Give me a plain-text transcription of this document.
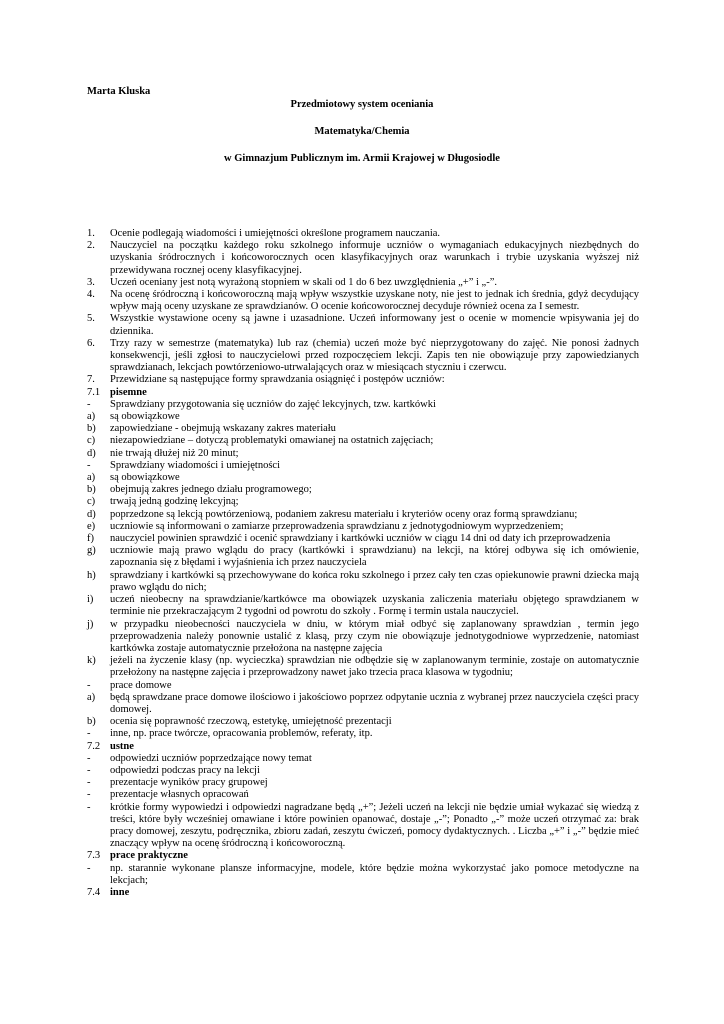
Marta Kluska
Przedmiotowy system oceniania
Matematyka/Chemia
w Gimnazjum Publicznym im. Armii Krajowej w Długosiodle
1.	Ocenie podlegają wiadomości i umiejętności określone programem nauczania.
2.	Nauczyciel na początku każdego roku szkolnego informuje uczniów o wymaganiach edukacyjnych niezbędnych do uzyskania śródrocznych i końcoworocznych ocen klasyfikacyjnych oraz warunkach i trybie uzyskania wyższej niż przewidywana rocznej oceny klasyfikacyjnej.
3.	Uczeń oceniany jest notą wyrażoną stopniem w skali od 1 do 6 bez uwzględnienia „+” i „-”.
4.	Na ocenę śródroczną i końcoworoczną mają wpływ wszystkie uzyskane noty, nie jest to jednak ich średnia, gdyż decydujący wpływ mają oceny uzyskane ze sprawdzianów. O ocenie końcoworocznej decyduje również ocena za I semestr.
5.	Wszystkie wystawione oceny są jawne i uzasadnione. Uczeń informowany jest o ocenie w momencie wpisywania jej do dziennika.
6.	Trzy razy w semestrze (matematyka) lub raz (chemia) uczeń może być nieprzygotowany do zajęć. Nie ponosi żadnych konsekwencji, jeśli zgłosi to nauczycielowi przed rozpoczęciem lekcji. Zapis ten nie obowiązuje przy zapowiedzianych sprawdzianach, lekcjach powtórzeniowo-utrwalających oraz w miesiącach styczniu i czerwcu.
7.	Przewidziane są następujące formy sprawdzania osiągnięć i postępów uczniów:
7.1 pisemne
-	Sprawdziany przygotowania się uczniów do zajęć lekcyjnych, tzw. kartkówki
a)	są obowiązkowe
b)	zapowiedziane - obejmują wskazany zakres materiału
c)	niezapowiedziane – dotyczą problematyki omawianej na ostatnich zajęciach;
d)	nie trwają dłużej niż 20 minut;
-	Sprawdziany wiadomości i umiejętności
a)	są obowiązkowe
b)	obejmują zakres jednego działu programowego;
c)	trwają jedną godzinę lekcyjną;
d)	poprzedzone są lekcją powtórzeniową, podaniem zakresu materiału i kryteriów oceny oraz formą sprawdzianu;
e)	uczniowie są informowani o zamiarze przeprowadzenia sprawdzianu z jednotygodniowym wyprzedzeniem;
f)	nauczyciel powinien sprawdzić i ocenić sprawdziany i kartkówki uczniów w ciągu 14 dni od daty ich przeprowadzenia
g)	uczniowie mają prawo wglądu do pracy (kartkówki i sprawdzianu) na lekcji, na której odbywa się ich omówienie, zapoznania się z błędami i wyjaśnienia ich przez nauczyciela
h)	sprawdziany i kartkówki są przechowywane do końca roku szkolnego i przez cały ten czas opiekunowie prawni dziecka mają prawo wglądu do nich;
i)	uczeń nieobecny na sprawdzianie/kartkówce ma obowiązek uzyskania zaliczenia materiału objętego sprawdzianem w terminie nie przekraczającym 2 tygodni od powrotu do szkoły . Formę i termin ustala nauczyciel.
j)	w przypadku nieobecności nauczyciela w dniu, w którym miał odbyć się zaplanowany sprawdzian , termin jego przeprowadzenia należy ponownie ustalić z klasą, przy czym nie obowiązuje jednotygodniowe wyprzedzenie, natomiast kartkówka zostaje automatycznie przełożona na następne zajęcia
k)	jeżeli na życzenie klasy (np. wycieczka) sprawdzian nie odbędzie się w zaplanowanym terminie, zostaje on automatycznie przełożony na następne zajęcia i przeprowadzony nawet jako trzecia praca klasowa w tygodniu;
-	prace domowe
a)	będą sprawdzane prace domowe ilościowo i jakościowo poprzez odpytanie ucznia z wybranej przez nauczyciela części pracy domowej.
b)	ocenia się poprawność rzeczową, estetykę, umiejętność prezentacji
-	inne, np. prace twórcze, opracowania problemów, referaty, itp.
7.2 ustne
-	odpowiedzi uczniów poprzedzające nowy temat
-	odpowiedzi podczas pracy na lekcji
-	prezentacje wyników pracy grupowej
-	prezentacje własnych opracowań
-	krótkie formy wypowiedzi i odpowiedzi nagradzane będą „+”; Jeżeli uczeń na lekcji nie będzie umiał wykazać się wiedzą z treści, które były wcześniej omawiane i które powinien opanować, dostaje „-”; Ponadto „-” może uczeń otrzymać za: brak pracy domowej, zeszytu, podręcznika, zbioru zadań, zeszytu ćwiczeń, pomocy dydaktycznych. . Liczba „+” i „-” będzie mieć znaczący wpływ na ocenę śródroczną i końcoworoczną.
7.3 prace praktyczne
-	np. starannie wykonane plansze informacyjne, modele, które będzie można wykorzystać jako pomoce metodyczne na lekcjach;
7.4 inne
